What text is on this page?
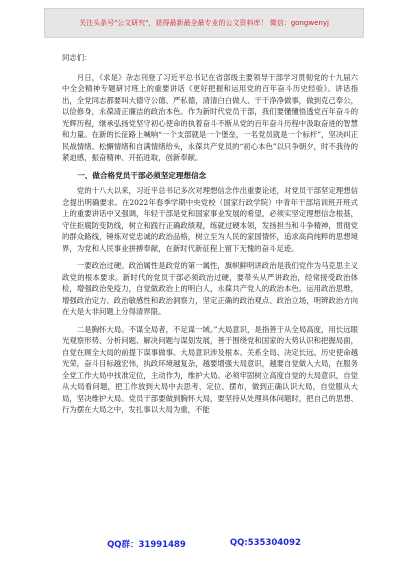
关注头条号"公文研究"，获得最新最全最专业的公文资料库！ 微信：gongwenyj

同志们：

月日，《求是》杂志刊登了习近平总书记在省部级主要领导干部学习贯彻党的十九届六中全会精神专题研讨班上的重要讲话《更好把握和运用党的百年奋斗历史经验》。讲话指出，全党同志都要叫大德守公德、严私德，清清白白做人、干干净净做事，做到克己奉公，以俭修身，永葆清正廉洁的政治本色。作为新时代党员干部，我们要懂懂悟透党百年奋斗的光辉历程，继承弘扬党坚守初心使命的执着奋斗不断从党的百年奋斗历程中汲取奋进的智慧和力量。在新的长征路上喊响“一个支部就是一个堡垒，一名党员就是一个标杆”，坚决纠正民战情绪、松懈情绪和自满情绪给头，永葆共产党员的“初心本色”以只争朝夕，时不我待的紧迫感，振奋精神、开拓进取，创新奉献。

一、做合格党员干部必须坚定理想信念

党的十八大以来，习近平总书记多次对理想信念作出重要论述，对党员干部坚定理想信念提出明确要求。在2022年春季学期中央党校（国家行政学院）中青年干部培训班开班式上的重要讲话中又强调，年轻干部是党和国家事业发展的希望，必须实坚定理想信念根基，守住拒腐防变防线，树立和践行正确政绩观，练就过硬本领，发扬担当和斗争精神，贯彻党的群众路线，锤炼对党忠诚的政治品格，树立至为人民的家国情怀，追求高尚纯粹的思想境界，为党和人民事业拼搏奉献，在新时代新征程上留下无愧的奋斗足迹。

一要政治过硬。政治属性是政党的第一属性，旗帜鲜明讲政治是我们党作为马克思主义政党的根本要求。新时代的党员干部必须政治过硬，要带头从严讲政治，经常接受政治体检，增强政治免疫力，自觉做政治上的明白人，永葆共产党人的政治本色。运用政治思维，增强政治定力、政治敏感性和政治洞察力，坚定正确的政治观点、政治立场，明辨政治方向在大是大非问题上分得清界限。

二是胸怀大局。不谋全局者，不足谋一域。”大局意识，是指善于从全局高度，用长远眼光观察形势、分析问题、解决问题与谋划发展，善于围绕党和国家的大势认识和把握局面，自觉在顾全大局的前提下谋事做事。大局意识涉及根本、关系全局、决定长远。历史使命越光荣，奋斗目标越宏伟，执政环境越复杂，越要增强大局意识，越要自觉做入大局，在服务全党工作大局中找准定位，主动作为，维护大局。必须牢固树立高度自觉的大局意识，自觉从大局看问题，把工作放到大局中去思考、定位、摆布，做到正确认识大局，自觉服从大局，坚决维护大局。党员干部要做到胸怀大局，要坚持从处理具体问题时，把自己的思想、行为摆在大局之中，发扎事以大局为重，不能

QQ群：31991489	QQ:535304092
